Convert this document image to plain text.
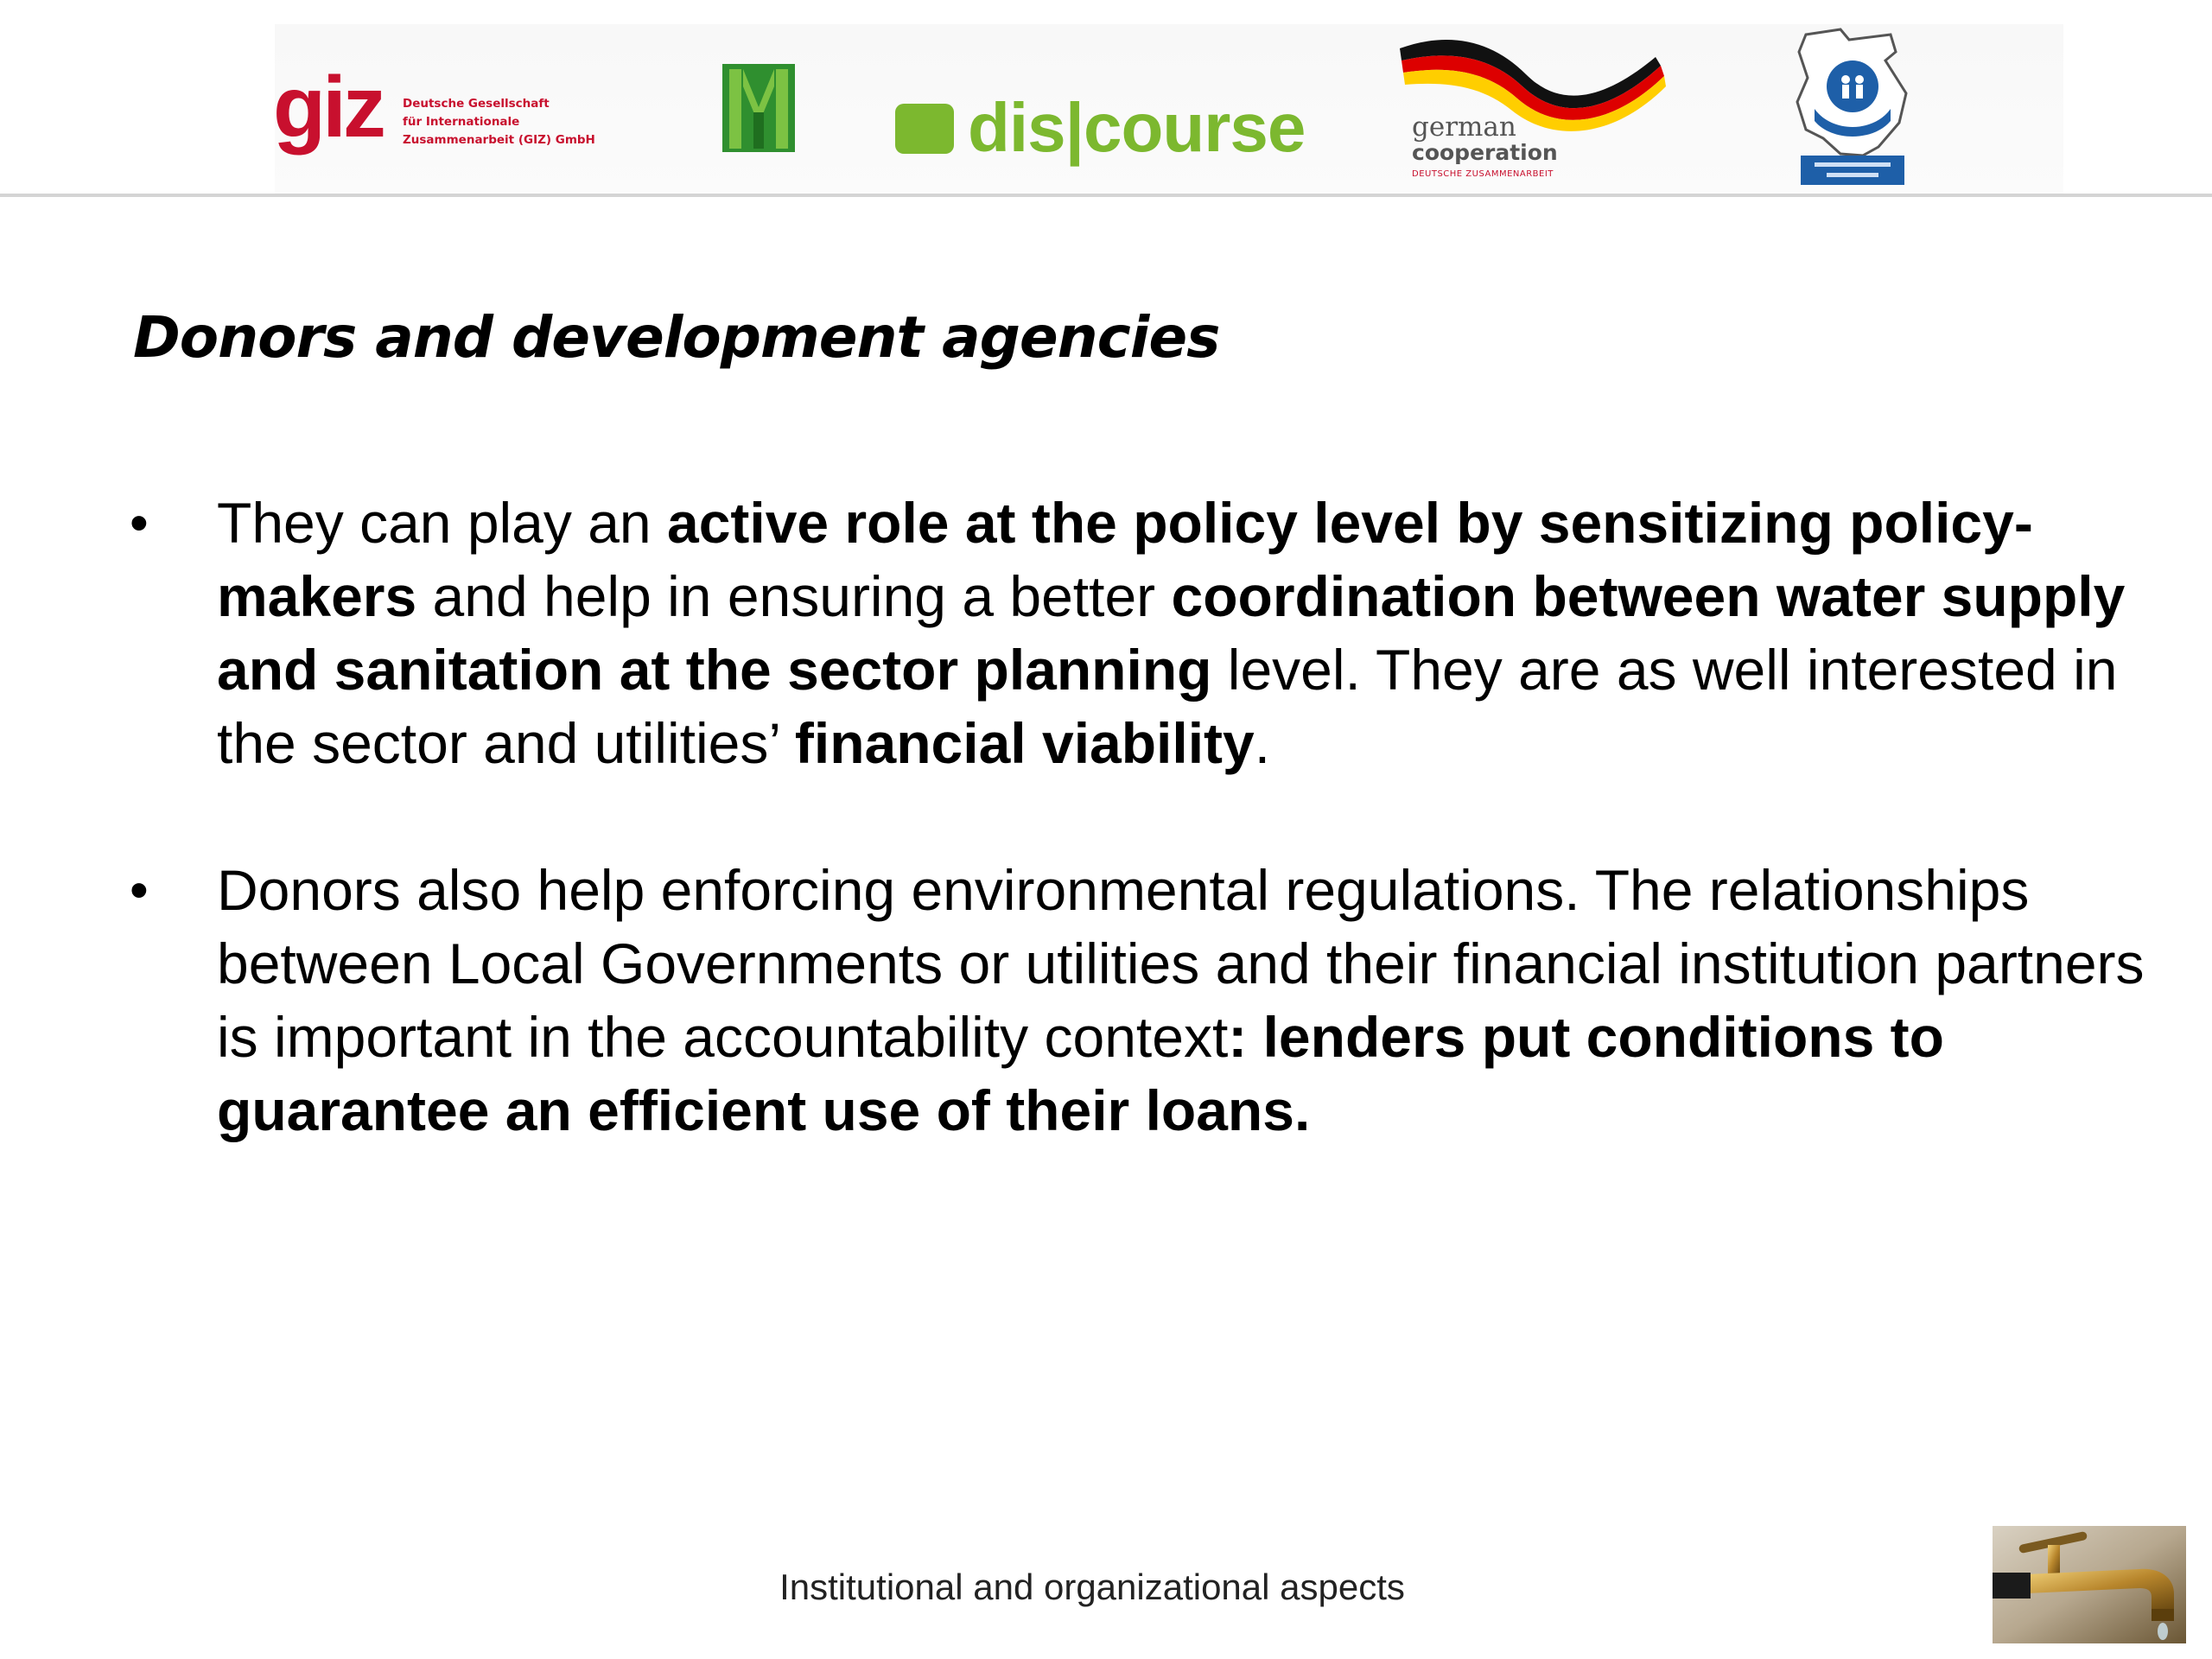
giz Deutsche Gesellschaft
für Internationale
Zusammenarbeit (GIZ) GmbH	dis|course	german
cooperation
DEUTSCHE ZUSAMMENARBEIT
Donors and development agencies
• They can play an active role at the policy level by sensitizing policy-makers and help in ensuring a better coordination between water supply and sanitation at the sector planning level. They are as well interested in the sector and utilities’ financial viability.

• Donors also help enforcing environmental regulations. The relationships between Local Governments or utilities and their financial institution partners is important in the accountability context: lenders put conditions to guarantee an efficient use of their loans.

Institutional and organizational aspects
